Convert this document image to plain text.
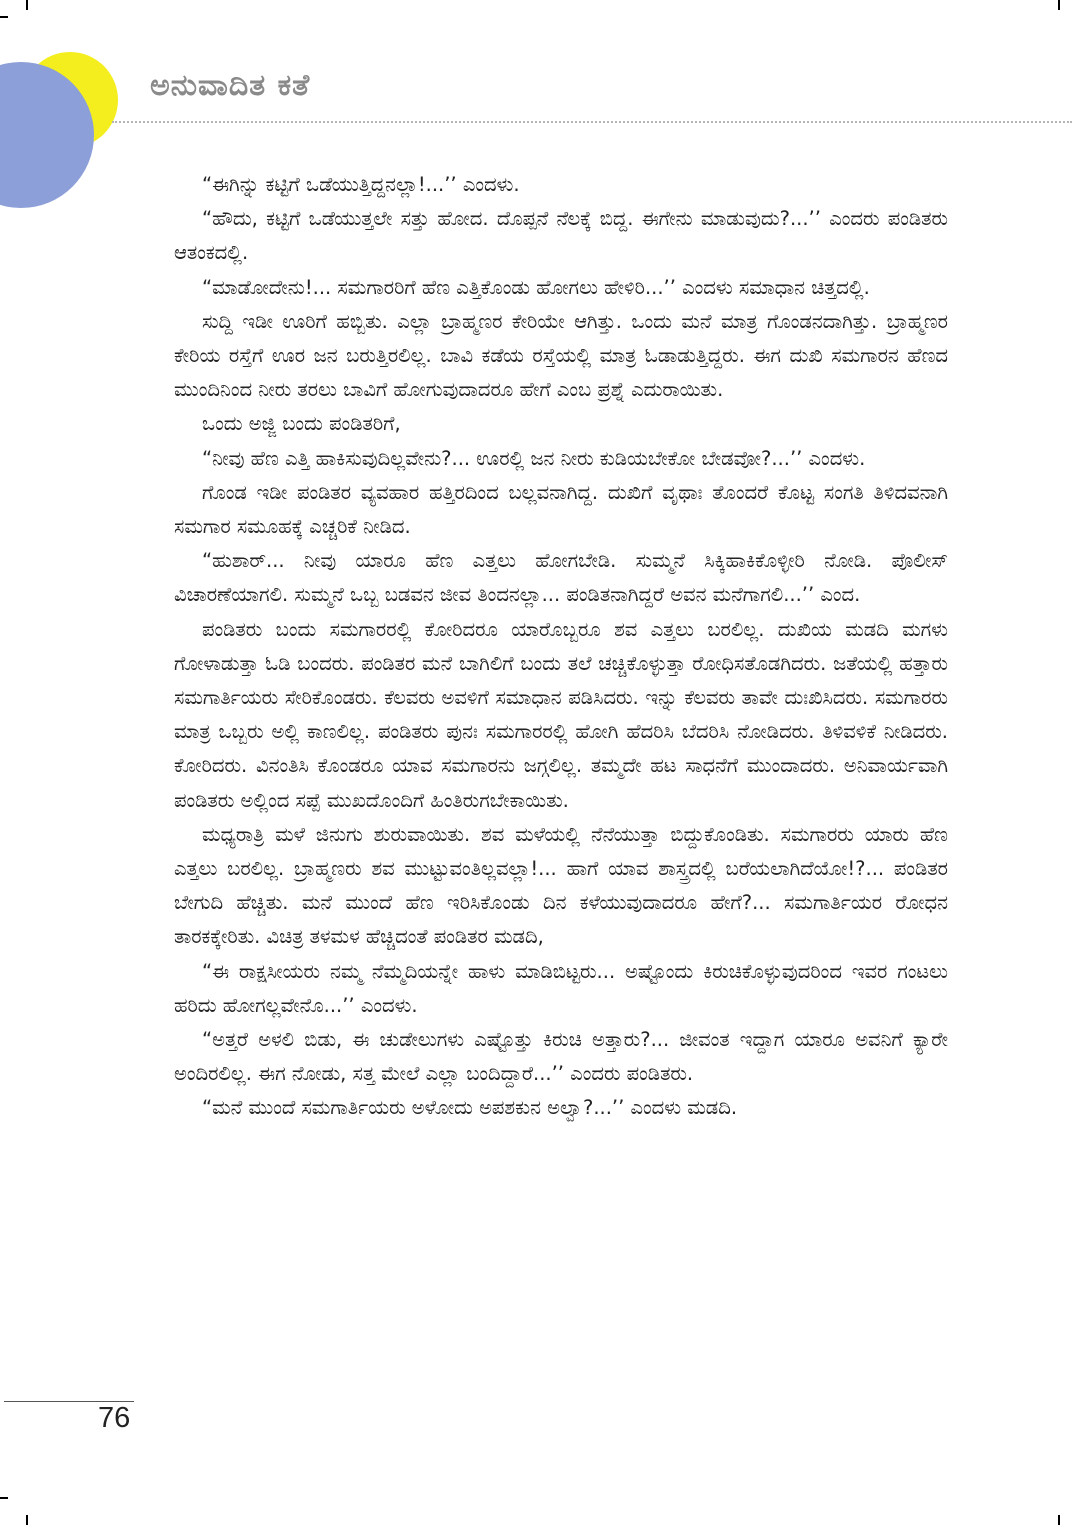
ಅನುವಾದಿತ ಕತೆ

“ಈಗಿನ್ನು ಕಟ್ಟಿಗೆ ಒಡೆಯುತ್ತಿದ್ದನಲ್ಲಾ!...’’ ಎಂದಳು.

“ಹೌದು, ಕಟ್ಟಿಗೆ ಒಡೆಯುತ್ತಲೇ ಸತ್ತು ಹೋದ. ದೊಪ್ಪನೆ ನೆಲಕ್ಕೆ ಬಿದ್ದ. ಈಗೇನು ಮಾಡುವುದು?...’’ ಎಂದರು ಪಂಡಿತರು ಆತಂಕದಲ್ಲಿ.

“ಮಾಡೋದೇನು!... ಸಮಗಾರರಿಗೆ ಹೆಣ ಎತ್ತಿಕೊಂಡು ಹೋಗಲು ಹೇಳಿರಿ...’’ ಎಂದಳು ಸಮಾಧಾನ ಚಿತ್ತದಲ್ಲಿ.

ಸುದ್ದಿ ಇಡೀ ಊರಿಗೆ ಹಬ್ಬಿತು. ಎಲ್ಲಾ ಬ್ರಾಹ್ಮಣರ ಕೇರಿಯೇ ಆಗಿತ್ತು. ಒಂದು ಮನೆ ಮಾತ್ರ ಗೊಂಡನದಾಗಿತ್ತು. ಬ್ರಾಹ್ಮಣರ ಕೇರಿಯ ರಸ್ತೆಗೆ ಊರ ಜನ ಬರುತ್ತಿರಲಿಲ್ಲ. ಬಾವಿ ಕಡೆಯ ರಸ್ತೆಯಲ್ಲಿ ಮಾತ್ರ ಓಡಾಡುತ್ತಿದ್ದರು. ಈಗ ದುಖಿ ಸಮಗಾರನ ಹೆಣದ ಮುಂದಿನಿಂದ ನೀರು ತರಲು ಬಾವಿಗೆ ಹೋಗುವುದಾದರೂ ಹೇಗೆ ಎಂಬ ಪ್ರಶ್ನೆ ಎದುರಾಯಿತು.

ಒಂದು ಅಜ್ಜಿ ಬಂದು ಪಂಡಿತರಿಗೆ,

“ನೀವು ಹೆಣ ಎತ್ತಿ ಹಾಕಿಸುವುದಿಲ್ಲವೇನು?... ಊರಲ್ಲಿ ಜನ ನೀರು ಕುಡಿಯಬೇಕೋ ಬೇಡವೋ?...’’ ಎಂದಳು.

ಗೊಂಡ ಇಡೀ ಪಂಡಿತರ ವ್ಯವಹಾರ ಹತ್ತಿರದಿಂದ ಬಲ್ಲವನಾಗಿದ್ದ. ದುಖಿಗೆ ವೃಥಾಃ ತೊಂದರೆ ಕೊಟ್ಟ ಸಂಗತಿ ತಿಳಿದವನಾಗಿ ಸಮಗಾರ ಸಮೂಹಕ್ಕೆ ಎಚ್ಚರಿಕೆ ನೀಡಿದ.

“ಹುಶಾರ್... ನೀವು ಯಾರೂ ಹೆಣ ಎತ್ತಲು ಹೋಗಬೇಡಿ. ಸುಮ್ಮನೆ ಸಿಕ್ಕಿಹಾಕಿಕೊಳ್ಳೀರಿ ನೋಡಿ. ಪೊಲೀಸ್ ವಿಚಾರಣೆಯಾಗಲಿ. ಸುಮ್ಮನೆ ಒಬ್ಬ ಬಡವನ ಜೀವ ತಿಂದನಲ್ಲಾ... ಪಂಡಿತನಾಗಿದ್ದರೆ ಅವನ ಮನೆಗಾಗಲಿ...’’ ಎಂದ.

ಪಂಡಿತರು ಬಂದು ಸಮಗಾರರಲ್ಲಿ ಕೋರಿದರೂ ಯಾರೊಬ್ಬರೂ ಶವ ಎತ್ತಲು ಬರಲಿಲ್ಲ. ದುಖಿಯ ಮಡದಿ ಮಗಳು ಗೋಳಾಡುತ್ತಾ ಓಡಿ ಬಂದರು. ಪಂಡಿತರ ಮನೆ ಬಾಗಿಲಿಗೆ ಬಂದು ತಲೆ ಚಚ್ಚಿಕೊಳ್ಳುತ್ತಾ ರೋಧಿಸತೊಡಗಿದರು. ಜತೆಯಲ್ಲಿ ಹತ್ತಾರು ಸಮಗಾರ್ತಿಯರು ಸೇರಿಕೊಂಡರು. ಕೆಲವರು ಅವಳಿಗೆ ಸಮಾಧಾನ ಪಡಿಸಿದರು. ಇನ್ನು ಕೆಲವರು ತಾವೇ ದುಃಖಿಸಿದರು. ಸಮಗಾರರು ಮಾತ್ರ ಒಬ್ಬರು ಅಲ್ಲಿ ಕಾಣಲಿಲ್ಲ. ಪಂಡಿತರು ಪುನಃ ಸಮಗಾರರಲ್ಲಿ ಹೋಗಿ ಹೆದರಿಸಿ ಬೆದರಿಸಿ ನೋಡಿದರು. ತಿಳಿವಳಿಕೆ ನೀಡಿದರು. ಕೋರಿದರು. ವಿನಂತಿಸಿ ಕೊಂಡರೂ ಯಾವ ಸಮಗಾರನು ಜಗ್ಗಲಿಲ್ಲ. ತಮ್ಮದೇ ಹಟ ಸಾಧನೆಗೆ ಮುಂದಾದರು. ಅನಿವಾರ್ಯವಾಗಿ ಪಂಡಿತರು ಅಲ್ಲಿಂದ ಸಪ್ಪೆ ಮುಖದೊಂದಿಗೆ ಹಿಂತಿರುಗಬೇಕಾಯಿತು.

ಮಧ್ಯರಾತ್ರಿ ಮಳೆ ಜಿನುಗು ಶುರುವಾಯಿತು. ಶವ ಮಳೆಯಲ್ಲಿ ನೆನೆಯುತ್ತಾ ಬಿದ್ದುಕೊಂಡಿತು. ಸಮಗಾರರು ಯಾರು ಹೆಣ ಎತ್ತಲು ಬರಲಿಲ್ಲ. ಬ್ರಾಹ್ಮಣರು ಶವ ಮುಟ್ಟುವಂತಿಲ್ಲವಲ್ಲಾ!... ಹಾಗೆ ಯಾವ ಶಾಸ್ತ್ರದಲ್ಲಿ ಬರೆಯಲಾಗಿದೆಯೋ!?... ಪಂಡಿತರ ಬೇಗುದಿ ಹೆಚ್ಚಿತು. ಮನೆ ಮುಂದೆ ಹೆಣ ಇರಿಸಿಕೊಂಡು ದಿನ ಕಳೆಯುವುದಾದರೂ ಹೇಗೆ?... ಸಮಗಾರ್ತಿಯರ ರೋಧನ ತಾರಕಕ್ಕೇರಿತು. ವಿಚಿತ್ರ ತಳಮಳ ಹೆಚ್ಚಿದಂತೆ ಪಂಡಿತರ ಮಡದಿ,

“ಈ ರಾಕ್ಷಸೀಯರು ನಮ್ಮ ನೆಮ್ಮದಿಯನ್ನೇ ಹಾಳು ಮಾಡಿಬಿಟ್ಟರು... ಅಷ್ಟೊಂದು ಕಿರುಚಿಕೊಳ್ಳುವುದರಿಂದ ಇವರ ಗಂಟಲು ಹರಿದು ಹೋಗಲ್ಲವೇನೊ...’’ ಎಂದಳು.

“ಅತ್ತರೆ ಅಳಲಿ ಬಿಡು, ಈ ಚುಡೇಲುಗಳು ಎಷ್ಟೊತ್ತು ಕಿರುಚಿ ಅತ್ತಾರು?... ಜೀವಂತ ಇದ್ದಾಗ ಯಾರೂ ಅವನಿಗೆ ಕ್ಯಾರೇ ಅಂದಿರಲಿಲ್ಲ. ಈಗ ನೋಡು, ಸತ್ತ ಮೇಲೆ ಎಲ್ಲಾ ಬಂದಿದ್ದಾರೆ...’’ ಎಂದರು ಪಂಡಿತರು.

“ಮನೆ ಮುಂದೆ ಸಮಗಾರ್ತಿಯರು ಅಳೋದು ಅಪಶಕುನ ಅಲ್ವಾ?...’’ ಎಂದಳು ಮಡದಿ.

76
